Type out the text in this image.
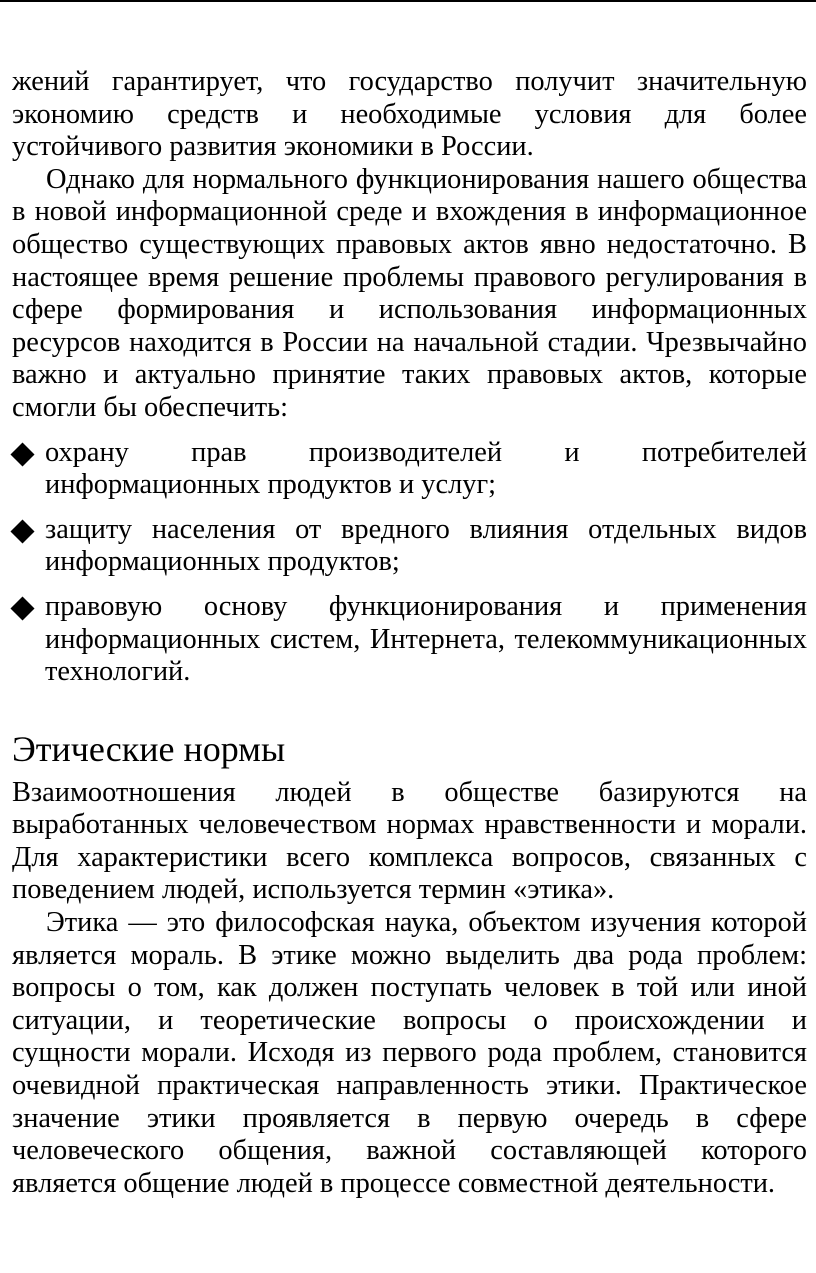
жений гарантирует, что государство получит значительную экономию средств и необходимые условия для более устойчивого развития экономики в России.

Однако для нормального функционирования нашего общества в новой информационной среде и вхождения в информационное общество существующих правовых актов явно недостаточно. В настоящее время решение проблемы правового регулирования в сфере формирования и использования информационных ресурсов находится в России на начальной стадии. Чрезвычайно важно и актуально принятие таких правовых актов, которые смогли бы обеспечить:

охрану прав производителей и потребителей информационных продуктов и услуг;

защиту населения от вредного влияния отдельных видов информационных продуктов;

правовую основу функционирования и применения информационных систем, Интернета, телекоммуникационных технологий.

Этические нормы

Взаимоотношения людей в обществе базируются на выработанных человечеством нормах нравственности и морали. Для характеристики всего комплекса вопросов, связанных с поведением людей, используется термин «этика».

Этика — это философская наука, объектом изучения которой является мораль. В этике можно выделить два рода проблем: вопросы о том, как должен поступать человек в той или иной ситуации, и теоретические вопросы о происхождении и сущности морали. Исходя из первого рода проблем, становится очевидной практическая направленность этики. Практическое значение этики проявляется в первую очередь в сфере человеческого общения, важной составляющей которого является общение людей в процессе совместной деятельности.
